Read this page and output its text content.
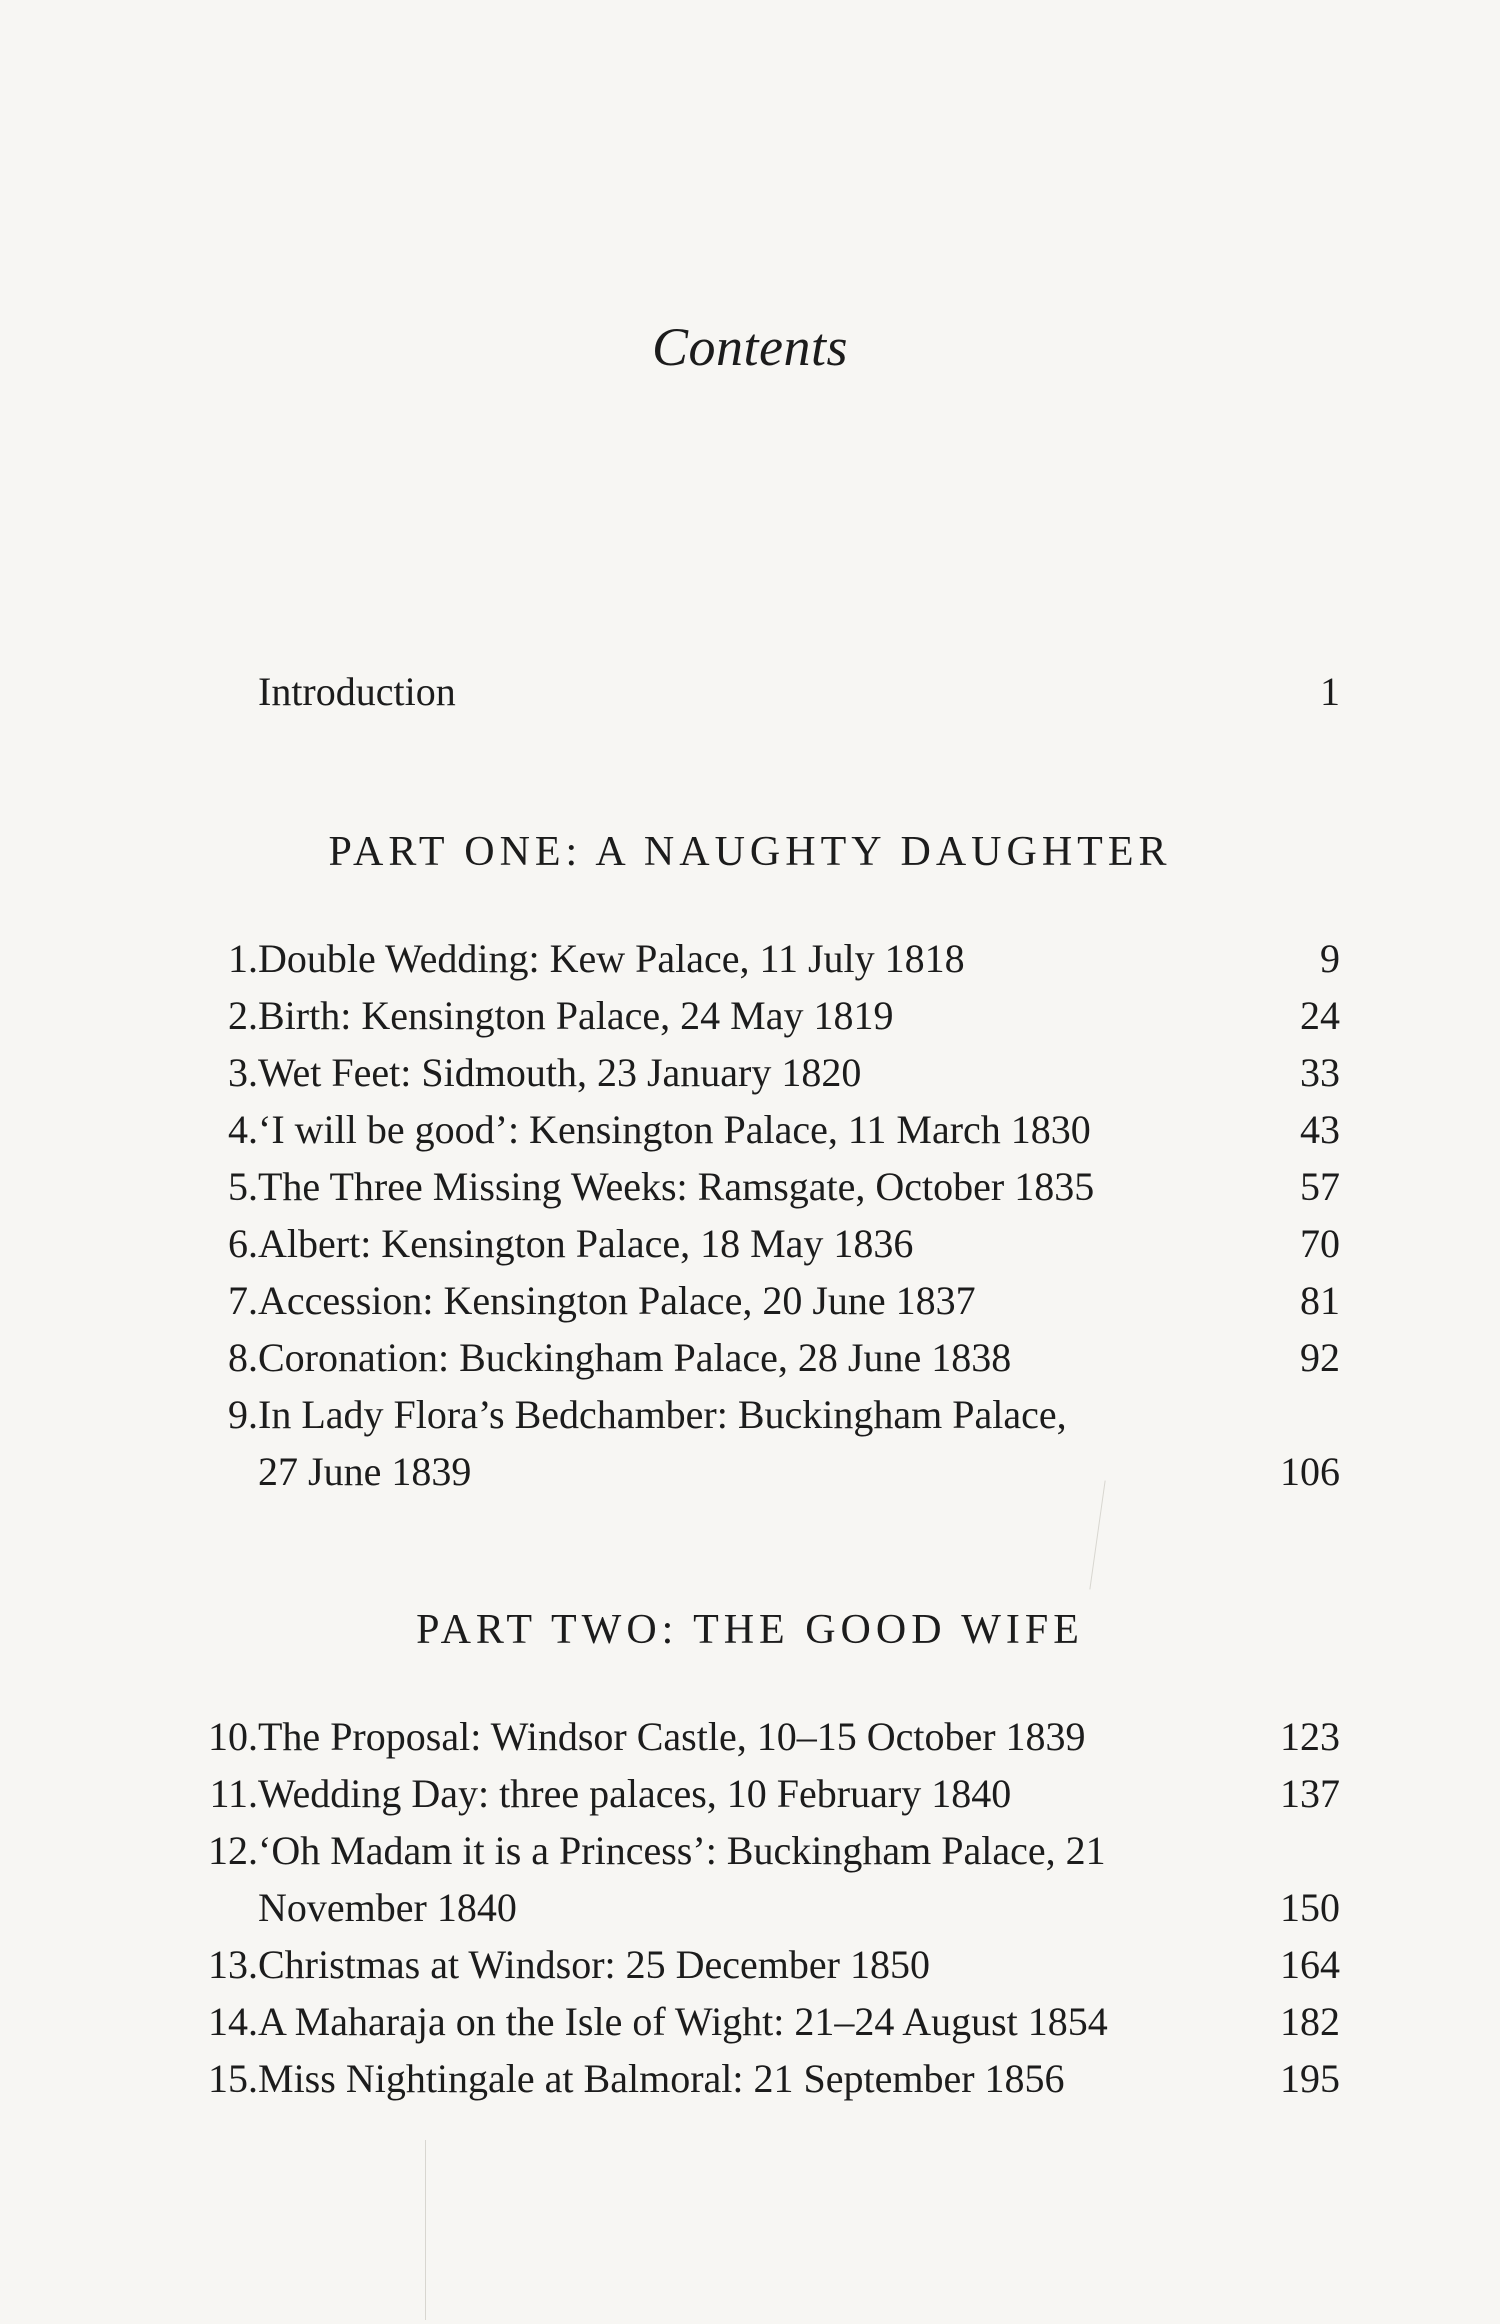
Contents
Introduction	1
PART ONE: A NAUGHTY DAUGHTER
1. Double Wedding: Kew Palace, 11 July 1818	9
2. Birth: Kensington Palace, 24 May 1819	24
3. Wet Feet: Sidmouth, 23 January 1820	33
4. ‘I will be good’: Kensington Palace, 11 March 1830	43
5. The Three Missing Weeks: Ramsgate, October 1835	57
6. Albert: Kensington Palace, 18 May 1836	70
7. Accession: Kensington Palace, 20 June 1837	81
8. Coronation: Buckingham Palace, 28 June 1838	92
9. In Lady Flora’s Bedchamber: Buckingham Palace,
27 June 1839	106
PART TWO: THE GOOD WIFE
10. The Proposal: Windsor Castle, 10–15 October 1839	123
11. Wedding Day: three palaces, 10 February 1840	137
12. ‘Oh Madam it is a Princess’: Buckingham Palace, 21
November 1840	150
13. Christmas at Windsor: 25 December 1850	164
14. A Maharaja on the Isle of Wight: 21–24 August 1854	182
15. Miss Nightingale at Balmoral: 21 September 1856	195
